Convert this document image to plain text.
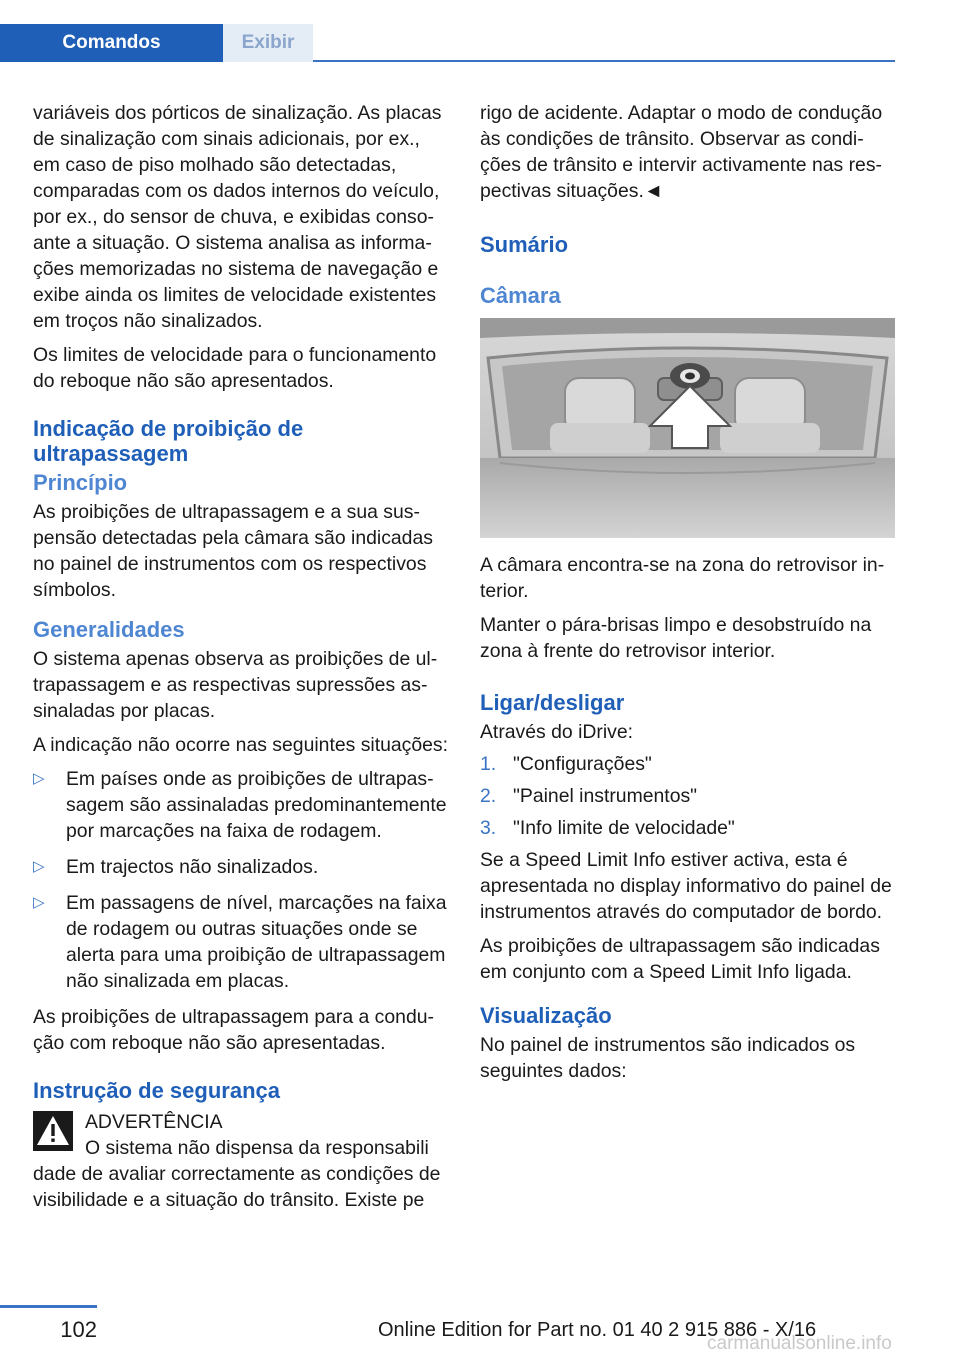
Comandos	Exibir

variáveis dos pórticos de sinalização. As placas de sinalização com sinais adicionais, por ex., em caso de piso molhado são detectadas, comparadas com os dados internos do veículo, por ex., do sensor de chuva, e exibidas consoante a situação. O sistema analisa as informações memorizadas no sistema de navegação e exibe ainda os limites de velocidade existentes em troços não sinalizados.

Os limites de velocidade para o funcionamento do reboque não são apresentados.

Indicação de proibição de ultrapassagem
Princípio

As proibições de ultrapassagem e a sua suspensão detectadas pela câmara são indicadas no painel de instrumentos com os respectivos símbolos.

Generalidades

O sistema apenas observa as proibições de ultrapassagem e as respectivas supressões assinaladas por placas.

A indicação não ocorre nas seguintes situações:

▷ Em países onde as proibições de ultrapassagem são assinaladas predominantemente por marcações na faixa de rodagem.
▷ Em trajectos não sinalizados.
▷ Em passagens de nível, marcações na faixa de rodagem ou outras situações onde se alerta para uma proibição de ultrapassagem não sinalizada em placas.

As proibições de ultrapassagem para a condução com reboque não são apresentadas.

Instrução de segurança
ADVERTÊNCIA
O sistema não dispensa da responsabili
dade de avaliar correctamente as condições de visibilidade e a situação do trânsito. Existe pe

rigo de acidente. Adaptar o modo de condução às condições de trânsito. Observar as condições de trânsito e intervir activamente nas respectivas situações.◄

Sumário
Câmara

A câmara encontra-se na zona do retrovisor interior.

Manter o pára-brisas limpo e desobstruído na zona à frente do retrovisor interior.

Ligar/desligar

Através do iDrive:

1. "Configurações"
2. "Painel instrumentos"
3. "Info limite de velocidade"

Se a Speed Limit Info estiver activa, esta é apresentada no display informativo do painel de instrumentos através do computador de bordo.

As proibições de ultrapassagem são indicadas em conjunto com a Speed Limit Info ligada.

Visualização

No painel de instrumentos são indicados os seguintes dados:

102	Online Edition for Part no. 01 40 2 915 886 - X/16
carmanualsonline.info
